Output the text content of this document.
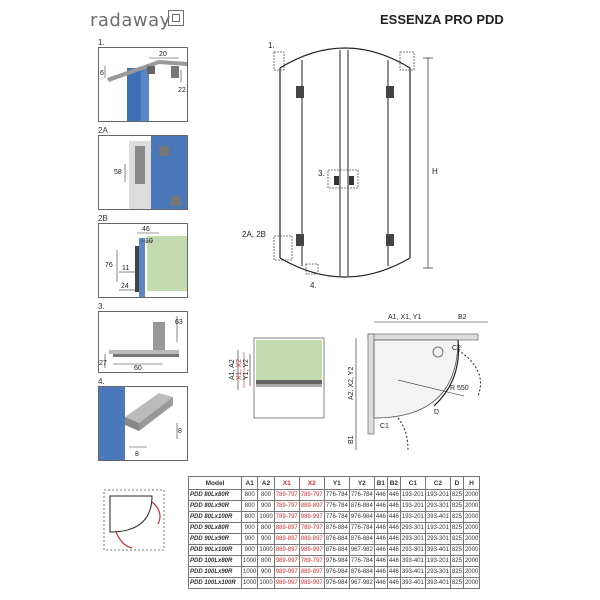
radaway	ESSENZA PRO PDD
1.
20
6
22
2A
58
2B
46
10
76 11
24
3.
63
27
60
4.
8
8
H
1.
3.
2A, 2B
4.
A1, A2 X1, X2 Y1, Y2
A1, X1, Y1	B2
A2, X2, Y2
B1
R 550
C2
C1
D
Model	A1	A2	X1	X2	Y1	Y2	B1	B2	C1	C2	D	H
PDD 80Lx80R	800	800	789-797	789-797	776-784	776-784	446	446	193-201	193-201	825	2000
PDD 80Lx90R	800	900	789-797	889-897	776-784	876-884	446	446	193-201	293-301	825	2000
PDD 80Lx100R	800	1000	789-797	989-997	776-784	976-984	446	446	193-201	393-401	825	2000
PDD 90Lx80R	900	800	889-897	789-797	876-884	776-784	446	446	293-301	193-201	825	2000
PDD 90Lx90R	900	900	889-897	889-897	876-884	876-884	446	446	293-301	293-301	825	2000
PDD 90Lx100R	900	1000	889-897	989-997	876-884	967-982	446	446	293-301	393-401	825	2000
PDD 100Lx80R	1000	800	989-997	789-797	976-984	776-784	446	446	393-401	193-201	825	2000
PDD 100Lx90R	1000	900	989-997	889-897	976-984	876-884	446	446	393-401	293-301	825	2000
PDD 100Lx100R	1000	1000	989-997	989-997	976-984	967-982	446	446	393-401	393-401	825	2000
